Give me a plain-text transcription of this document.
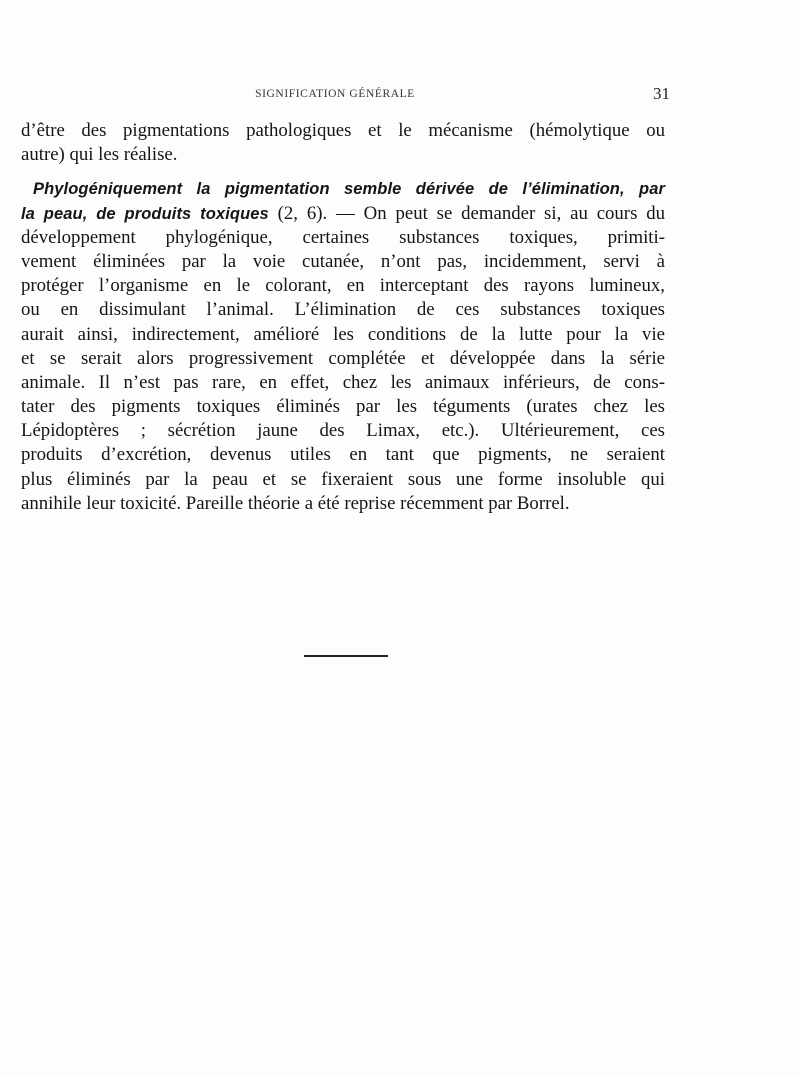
SIGNIFICATION GÉNÉRALE	31
d’être des pigmentations pathologiques et le mécanisme (hémolytique ou
autre) qui les réalise.
Phylogéniquement la pigmentation semble dérivée de l’élimination, par
la peau, de produits toxiques (2, 6). — On peut se demander si, au cours du
développement phylogénique, certaines substances toxiques, primiti-
vement éliminées par la voie cutanée, n’ont pas, incidemment, servi à
protéger l’organisme en le colorant, en interceptant des rayons lumineux,
ou en dissimulant l’animal. L’élimination de ces substances toxiques
aurait ainsi, indirectement, amélioré les conditions de la lutte pour la vie
et se serait alors progressivement complétée et développée dans la série
animale. Il n’est pas rare, en effet, chez les animaux inférieurs, de cons-
tater des pigments toxiques éliminés par les téguments (urates chez les
Lépidoptères ; sécrétion jaune des Limax, etc.). Ultérieurement, ces
produits d’excrétion, devenus utiles en tant que pigments, ne seraient
plus éliminés par la peau et se fixeraient sous une forme insoluble qui
annihile leur toxicité. Pareille théorie a été reprise récemment par Borrel.
